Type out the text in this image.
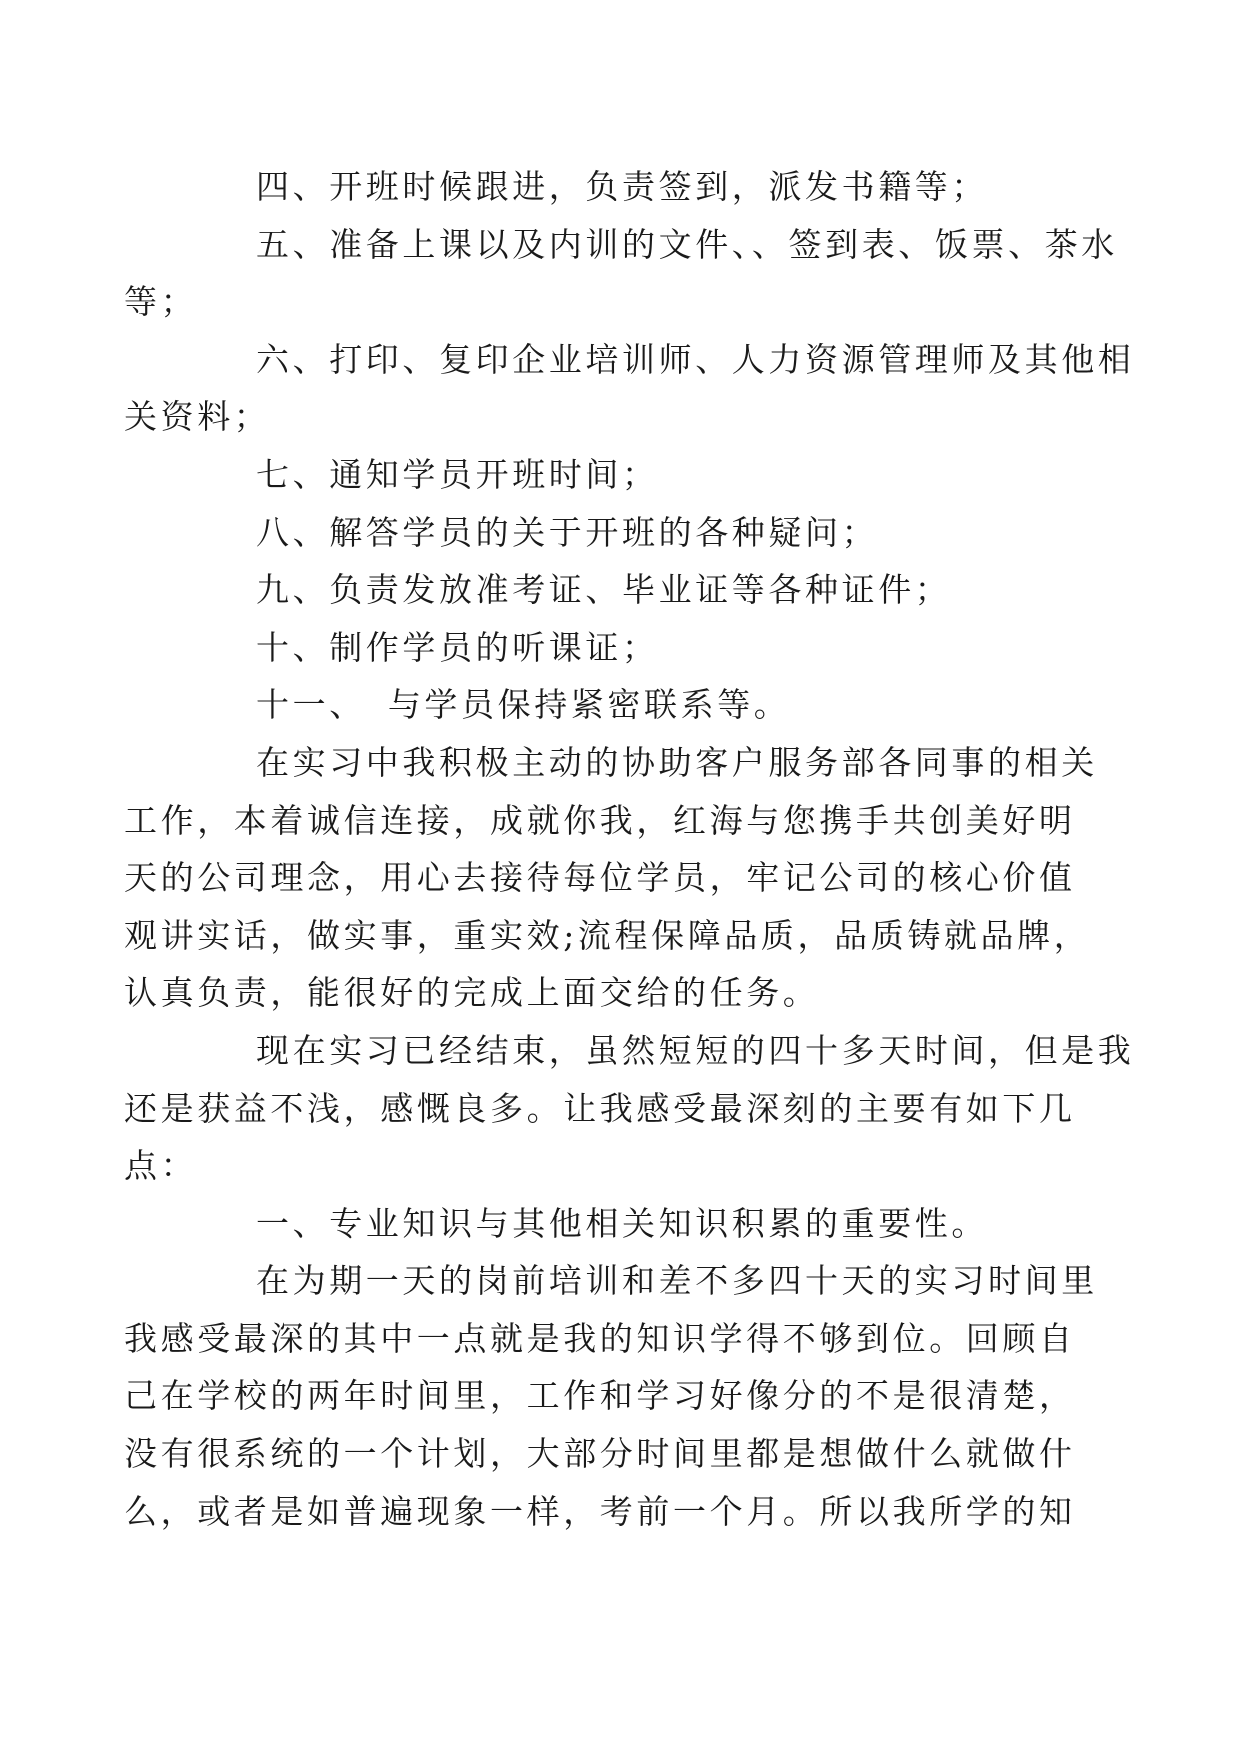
四、开班时候跟进，负责签到，派发书籍等；

五、准备上课以及内训的文件、、签到表、饭票、茶水
等；

六、打印、复印企业培训师、人力资源管理师及其他相
关资料；

七、通知学员开班时间；

八、解答学员的关于开班的各种疑问；

九、负责发放准考证、毕业证等各种证件；

十、制作学员的听课证；

十一、 与学员保持紧密联系等。

在实习中我积极主动的协助客户服务部各同事的相关
工作，本着诚信连接，成就你我，红海与您携手共创美好明
天的公司理念，用心去接待每位学员，牢记公司的核心价值
观讲实话，做实事，重实效;流程保障品质，品质铸就品牌，
认真负责，能很好的完成上面交给的任务。

现在实习已经结束，虽然短短的四十多天时间，但是我
还是获益不浅，感慨良多。让我感受最深刻的主要有如下几
点：

一、专业知识与其他相关知识积累的重要性。

在为期一天的岗前培训和差不多四十天的实习时间里
我感受最深的其中一点就是我的知识学得不够到位。回顾自
己在学校的两年时间里，工作和学习好像分的不是很清楚，
没有很系统的一个计划，大部分时间里都是想做什么就做什
么，或者是如普遍现象一样，考前一个月。所以我所学的知
